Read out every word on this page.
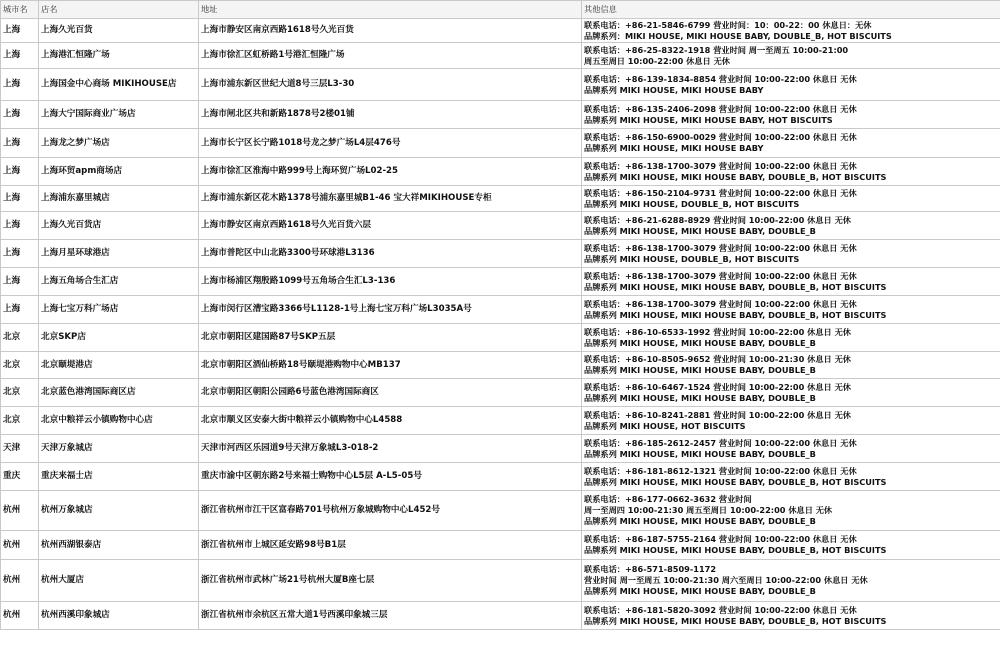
城市名	店名	地址	其他信息
上海	上海久光百货	上海市静安区南京西路1618号久光百货	联系电话：+86-21-5846-6799 营业时间：10：00-22：00 休息日：无休
品牌系列：MIKI HOUSE, MIKI HOUSE BABY, DOUBLE_B, HOT BISCUITS

上海	上海港汇恒隆广场	上海市徐汇区虹桥路1号港汇恒隆广场	联系电话：+86-25-8322-1918 营业时间 周一至周五 10:00-21:00
周五至周日 10:00-22:00 休息日 无休

上海	上海国金中心商场 MIKIHOUSE店	上海市浦东新区世纪大道8号三层L3-30	联系电话：+86-139-1834-8854 营业时间 10:00-22:00 休息日 无休
品牌系列 MIKI HOUSE, MIKI HOUSE BABY

上海	上海大宁国际商业广场店	上海市闸北区共和新路1878号2楼01铺	联系电话：+86-135-2406-2098 营业时间 10:00-22:00 休息日 无休
品牌系列 MIKI HOUSE, MIKI HOUSE BABY, HOT BISCUITS

上海	上海龙之梦广场店	上海市长宁区长宁路1018号龙之梦广场L4层476号	联系电话：+86-150-6900-0029 营业时间 10:00-22:00 休息日 无休
品牌系列 MIKI HOUSE, MIKI HOUSE BABY

上海	上海环贸apm商场店	上海市徐汇区淮海中路999号上海环贸广场L02-25	联系电话：+86-138-1700-3079 营业时间 10:00-22:00 休息日 无休
品牌系列 MIKI HOUSE, MIKI HOUSE BABY, DOUBLE_B, HOT BISCUITS

上海	上海浦东嘉里城店	上海市浦东新区花木路1378号浦东嘉里城B1-46 宝大祥MIKIHOUSE专柜	联系电话：+86-150-2104-9731 营业时间 10:00-22:00 休息日 无休
品牌系列 MIKI HOUSE, DOUBLE_B, HOT BISCUITS

上海	上海久光百货店	上海市静安区南京西路1618号久光百货六层	联系电话：+86-21-6288-8929 营业时间 10:00-22:00 休息日 无休
品牌系列 MIKI HOUSE, MIKI HOUSE BABY, DOUBLE_B

上海	上海月星环球港店	上海市普陀区中山北路3300号环球港L3136	联系电话：+86-138-1700-3079 营业时间 10:00-22:00 休息日 无休
品牌系列 MIKI HOUSE, DOUBLE_B, HOT BISCUITS

上海	上海五角场合生汇店	上海市杨浦区翔殷路1099号五角场合生汇L3-136	联系电话：+86-138-1700-3079 营业时间 10:00-22:00 休息日 无休
品牌系列 MIKI HOUSE, MIKI HOUSE BABY, DOUBLE_B, HOT BISCUITS

上海	上海七宝万科广场店	上海市闵行区漕宝路3366号L1128-1号上海七宝万科广场L3035A号	联系电话：+86-138-1700-3079 营业时间 10:00-22:00 休息日 无休
品牌系列 MIKI HOUSE, MIKI HOUSE BABY, DOUBLE_B, HOT BISCUITS

北京	北京SKP店	北京市朝阳区建国路87号SKP五层	联系电话：+86-10-6533-1992 营业时间 10:00-22:00 休息日 无休
品牌系列 MIKI HOUSE, MIKI HOUSE BABY, DOUBLE_B

北京	北京颐堤港店	北京市朝阳区酒仙桥路18号颐堤港购物中心MB137	联系电话：+86-10-8505-9652 营业时间 10:00-21:30 休息日 无休
品牌系列 MIKI HOUSE, MIKI HOUSE BABY, DOUBLE_B

北京	北京蓝色港湾国际商区店	北京市朝阳区朝阳公园路6号蓝色港湾国际商区	联系电话：+86-10-6467-1524 营业时间 10:00-22:00 休息日 无休
品牌系列 MIKI HOUSE, MIKI HOUSE BABY, DOUBLE_B

北京	北京中粮祥云小镇购物中心店	北京市顺义区安泰大街中粮祥云小镇购物中心L4588	联系电话：+86-10-8241-2881 营业时间 10:00-22:00 休息日 无休
品牌系列 MIKI HOUSE, HOT BISCUITS

天津	天津万象城店	天津市河西区乐园道9号天津万象城L3-018-2	联系电话：+86-185-2612-2457 营业时间 10:00-22:00 休息日 无休
品牌系列 MIKI HOUSE, MIKI HOUSE BABY, DOUBLE_B

重庆	重庆来福士店	重庆市渝中区朝东路2号来福士购物中心L5层 A-L5-05号	联系电话：+86-181-8612-1321 营业时间 10:00-22:00 休息日 无休
品牌系列 MIKI HOUSE, MIKI HOUSE BABY, DOUBLE_B, HOT BISCUITS

杭州	杭州万象城店	浙江省杭州市江干区富春路701号杭州万象城购物中心L452号	联系电话：+86-177-0662-3632 营业时间
周一至周四 10:00-21:30 周五至周日 10:00-22:00 休息日 无休
品牌系列 MIKI HOUSE, MIKI HOUSE BABY, DOUBLE_B

杭州	杭州西湖银泰店	浙江省杭州市上城区延安路98号B1层	联系电话：+86-187-5755-2164 营业时间 10:00-22:00 休息日 无休
品牌系列 MIKI HOUSE, MIKI HOUSE BABY, DOUBLE_B, HOT BISCUITS

杭州	杭州大厦店	浙江省杭州市武林广场21号杭州大厦B座七层	联系电话：+86-571-8509-1172
营业时间 周一至周五 10:00-21:30 周六至周日 10:00-22:00 休息日 无休
品牌系列 MIKI HOUSE, MIKI HOUSE BABY, DOUBLE_B

杭州	杭州西溪印象城店	浙江省杭州市余杭区五常大道1号西溪印象城三层	联系电话：+86-181-5820-3092 营业时间 10:00-22:00 休息日 无休
品牌系列 MIKI HOUSE, MIKI HOUSE BABY, DOUBLE_B, HOT BISCUITS
